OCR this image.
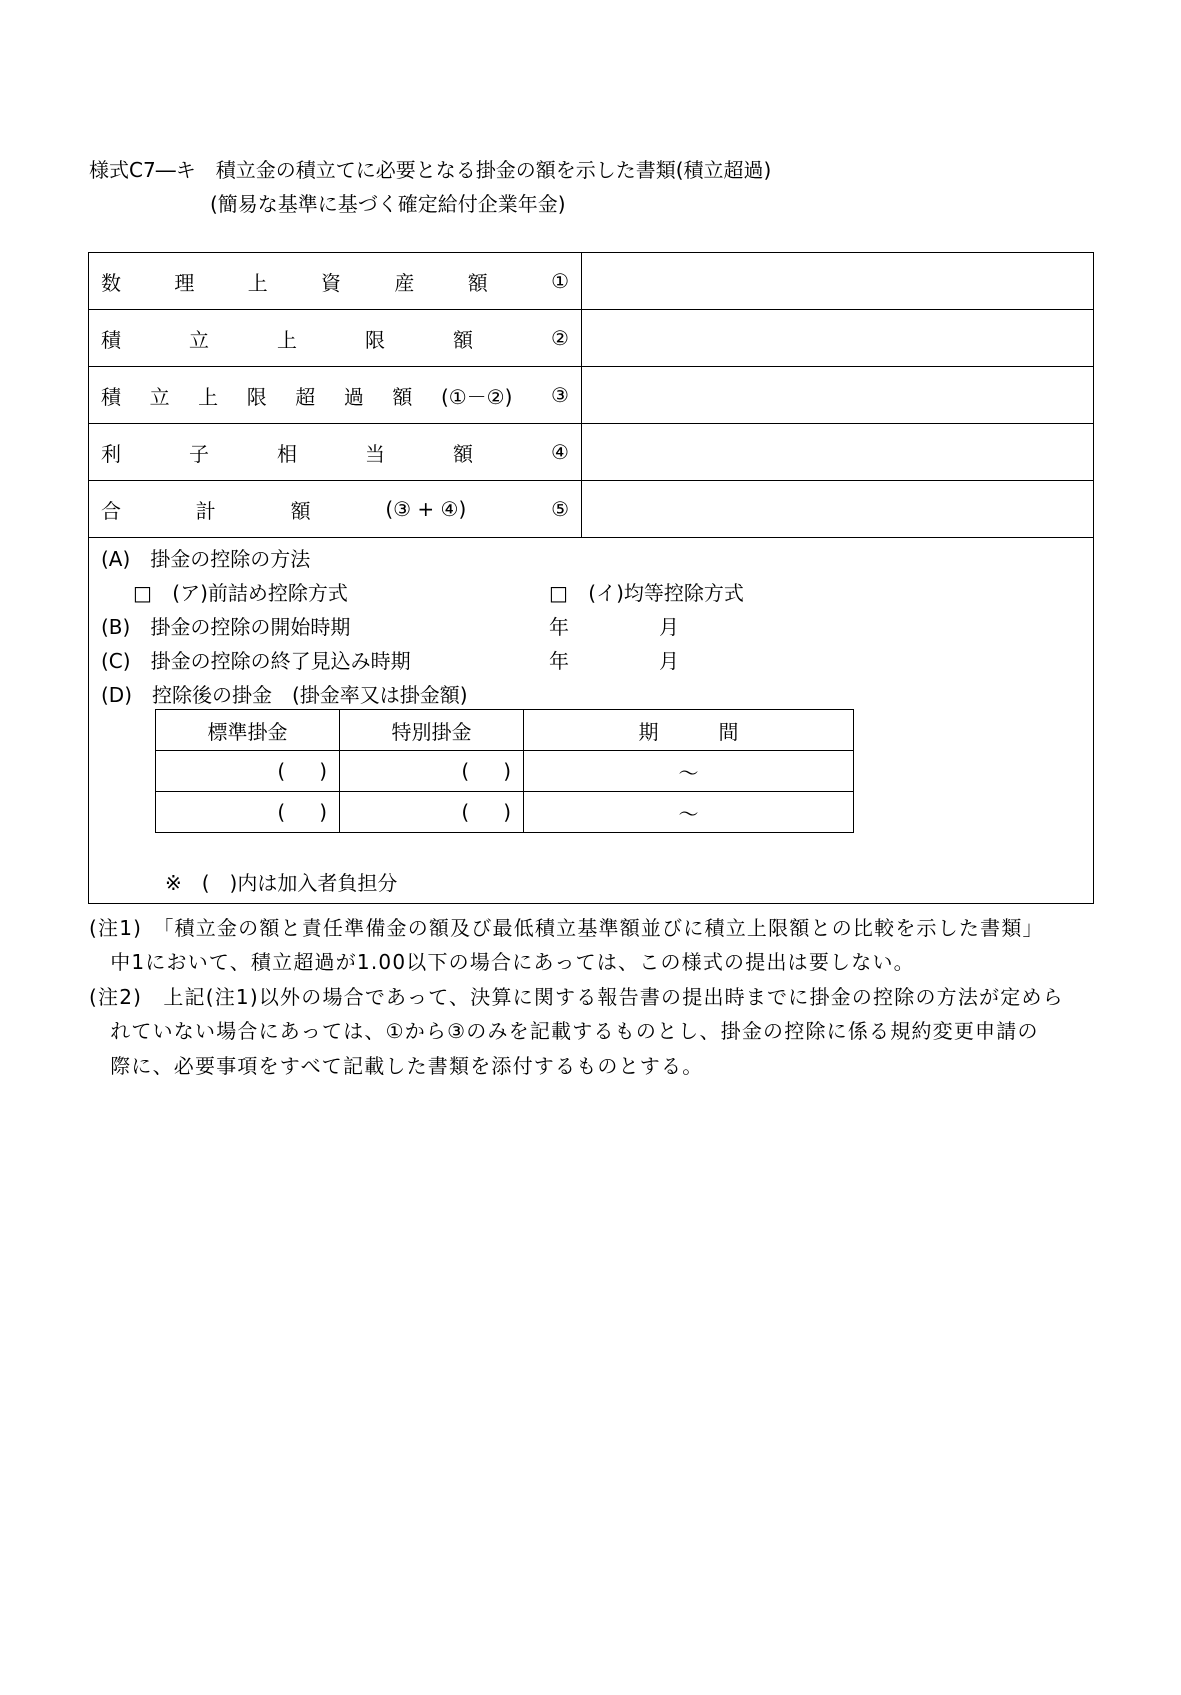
様式C7―キ　 積立金の積立てに必要となる掛金の額を示した書類(積立超過)
(簡易な基準に基づく確定給付企業年金)
数	理	上	資	産	額	①

積	立	上	限	額	②

積 立 上 限 超 過 額 (①－②) ③

利	子	相	当	額	④

合 計 額 (③ + ④) ⑤	

(A)　掛金の控除の方法
□ (ア)前詰め控除方式	□ (イ)均等控除方式
(B)　掛金の控除の開始時期	年	月
(C)　掛金の控除の終了見込み時期	年	月
(D)　控除後の掛金　(掛金率又は掛金額)
標準掛金	特別掛金	期　　　間

( )	( )	～

( )	( )	～
※　(　)内は加入者負担分
(注1)　「積立金の額と責任準備金の額及び最低積立基準額並びに積立上限額との比較を示した書類」
　中1において、積立超過が1.00以下の場合にあっては、この様式の提出は要しない。
(注2)　上記(注1)以外の場合であって、決算に関する報告書の提出時までに掛金の控除の方法が定めら
　れていない場合にあっては、①から③のみを記載するものとし、掛金の控除に係る規約変更申請の
　際に、必要事項をすべて記載した書類を添付するものとする。
